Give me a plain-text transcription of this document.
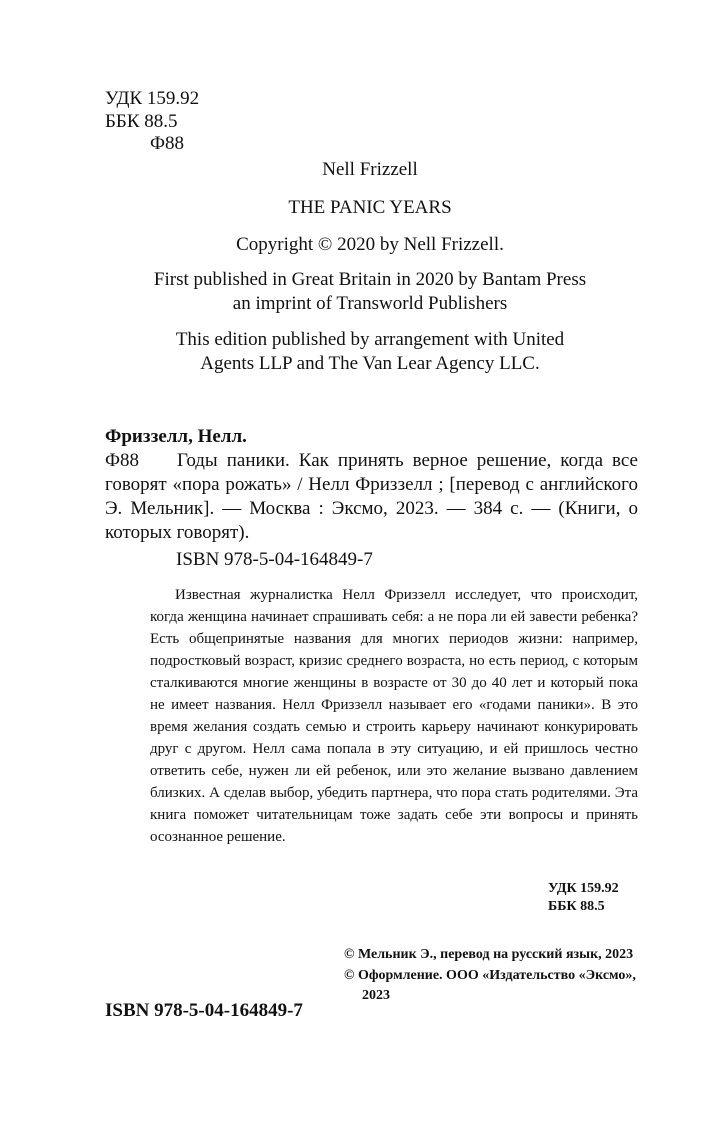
УДК 159.92
ББК 88.5
Ф88
Nell Frizzell
THE PANIC YEARS
Copyright © 2020 by Nell Frizzell.
First published in Great Britain in 2020 by Bantam Press
an imprint of Transworld Publishers
This edition published by arrangement with United
Agents LLP and The Van Lear Agency LLC.
Фриззелл, Нелл.
Ф88 Годы паники. Как принять верное решение, когда все говорят «пора рожать» / Нелл Фриззелл ; [перевод с английского Э. Мельник]. — Москва : Эксмо, 2023. — 384 с. — (Книги, о которых говорят).
ISBN 978-5-04-164849-7

Известная журналистка Нелл Фриззелл исследует, что происходит, когда женщина начинает спрашивать себя: а не пора ли ей завести ребенка? Есть общепринятые названия для многих периодов жизни: например, подростковый возраст, кризис среднего возраста, но есть период, с которым сталкиваются многие женщины в возрасте от 30 до 40 лет и который пока не имеет названия. Нелл Фриззелл называет его «годами паники». В это время желания создать семью и строить карьеру начинают конкурировать друг с другом. Нелл сама попала в эту ситуацию, и ей пришлось честно ответить себе, нужен ли ей ребенок, или это желание вызвано давлением близких. А сделав выбор, убедить партнера, что пора стать родителями. Эта книга поможет читательницам тоже задать себе эти вопросы и принять осознанное решение.

УДК 159.92
ББК 88.5
© Мельник Э., перевод на русский язык, 2023
© Оформление. ООО «Издательство «Эксмо», 2023
ISBN 978-5-04-164849-7
